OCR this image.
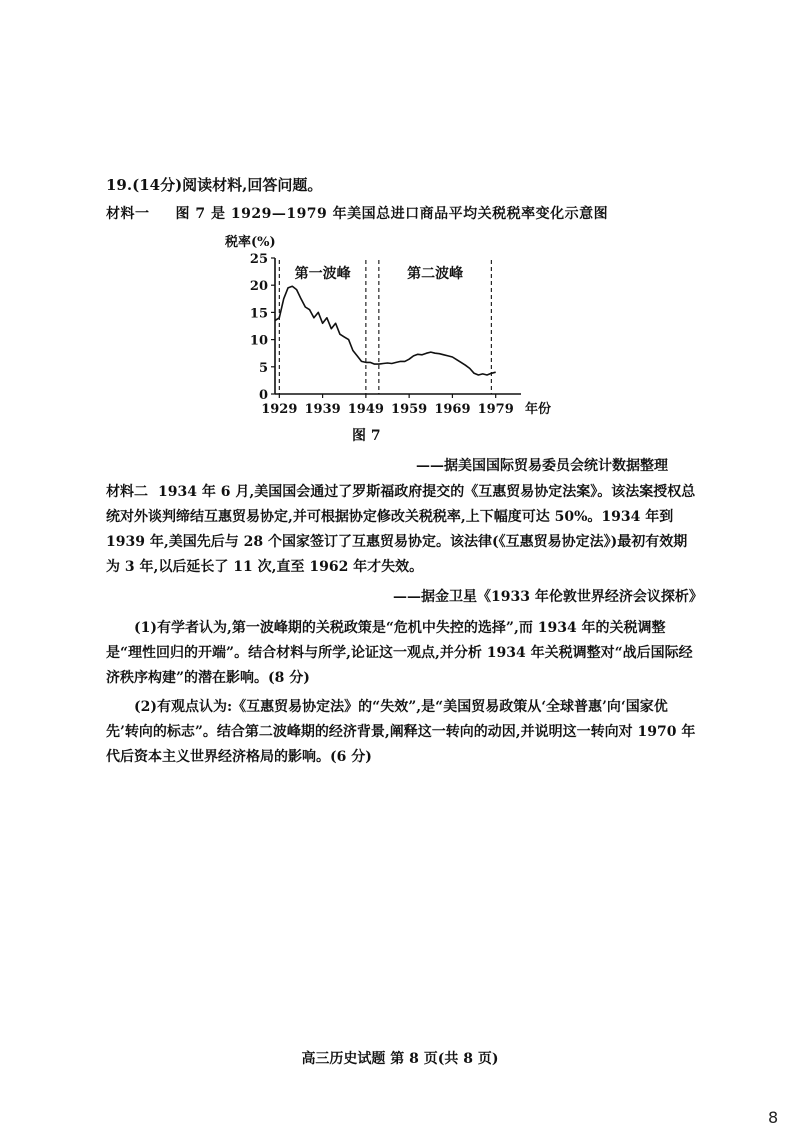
19.(14分)阅读材料,回答问题。
材料一 图 7 是 1929—1979 年美国总进口商品平均关税税率变化示意图
0
5
10
15
20
25
1929 1939 1949 1959 1969 1979
税率(%)
年份
第一波峰	第二波峰
图 7
——据美国国际贸易委员会统计数据整理
材料二 1934 年 6 月,美国国会通过了罗斯福政府提交的《互惠贸易协定法案》。该法案授权总统对外谈判缔结互惠贸易协定,并可根据协定修改关税税率,上下幅度可达 50%。1934 年到 1939 年,美国先后与 28 个国家签订了互惠贸易协定。该法律(《互惠贸易协定法》)最初有效期为 3 年,以后延长了 11 次,直至 1962 年才失效。
——据金卫星《1933 年伦敦世界经济会议探析》
(1)有学者认为,第一波峰期的关税政策是“危机中失控的选择”,而 1934 年的关税调整是“理性回归的开端”。结合材料与所学,论证这一观点,并分析 1934 年关税调整对“战后国际经济秩序构建”的潜在影响。(8 分)
(2)有观点认为:《互惠贸易协定法》的“失效”,是“美国贸易政策从‘全球普惠’向‘国家优先’转向的标志”。结合第二波峰期的经济背景,阐释这一转向的动因,并说明这一转向对 1970 年代后资本主义世界经济格局的影响。(6 分)
高三历史试题 第 8 页(共 8 页)
8
